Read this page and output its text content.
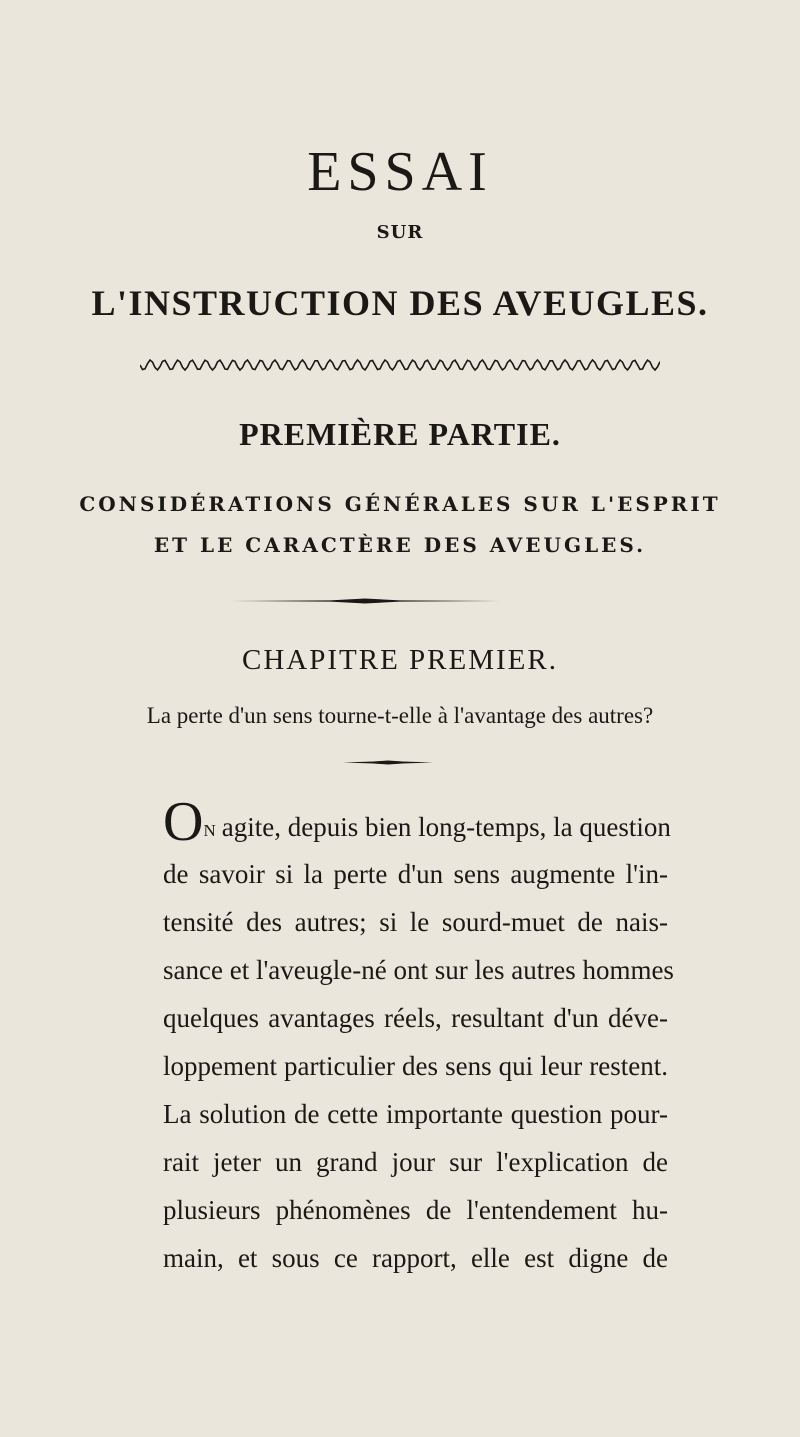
ESSAI
SUR
L'INSTRUCTION DES AVEUGLES.
PREMIÈRE PARTIE.
CONSIDÉRATIONS GÉNÉRALES SUR L'ESPRIT
ET LE CARACTÈRE DES AVEUGLES.
CHAPITRE PREMIER.
La perte d'un sens tourne-t-elle à l'avantage des autres?
ON agite, depuis bien long-temps, la question
de savoir si la perte d'un sens augmente l'in-
tensité des autres; si le sourd-muet de nais-
sance et l'aveugle-né ont sur les autres hommes
quelques avantages réels, resultant d'un déve-
loppement particulier des sens qui leur restent.
La solution de cette importante question pour-
rait jeter un grand jour sur l'explication de
plusieurs phénomènes de l'entendement hu-
main, et sous ce rapport, elle est digne de
